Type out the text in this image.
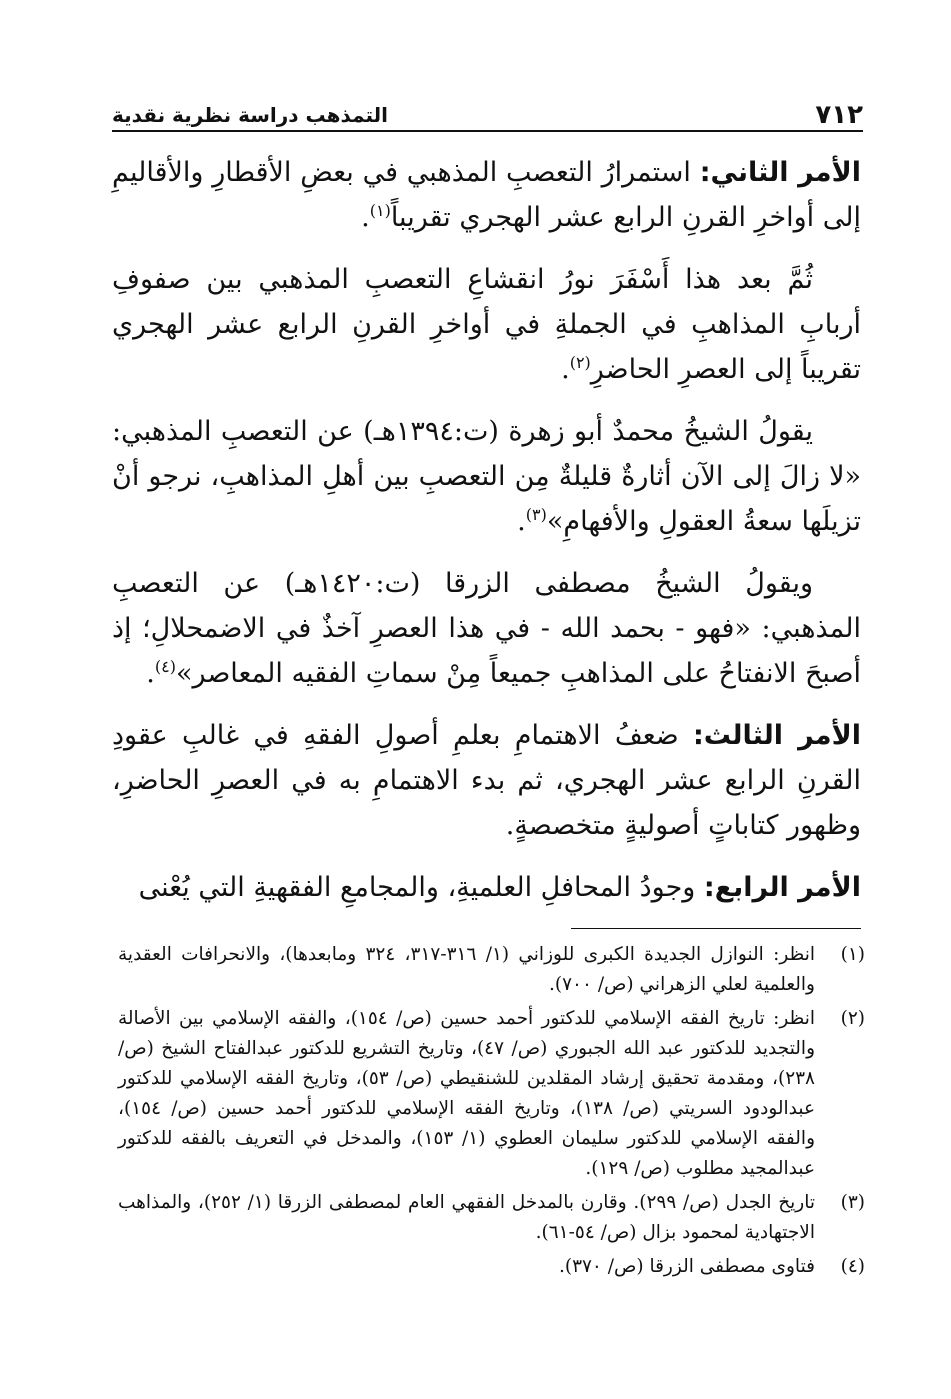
٧١٢
التمذهب دراسة نظرية نقدية

الأمر الثاني: استمرارُ التعصبِ المذهبي في بعضِ الأقطارِ والأقاليمِ إلى أواخرِ القرنِ الرابع عشر الهجري تقريباً$^{(١)}$.

ثُمَّ بعد هذا أَسْفَرَ نورُ انقشاعِ التعصبِ المذهبي بين صفوفِ أربابِ المذاهبِ في الجملةِ في أواخرِ القرنِ الرابع عشر الهجري تقريباً إلى العصرِ الحاضرِ$^{(٢)}$.

يقولُ الشيخُ محمدٌ أبو زهرة (ت:١٣٩٤هـ) عن التعصبِ المذهبي: «لا زالَ إلى الآن أثارةٌ قليلةٌ مِن التعصبِ بين أهلِ المذاهبِ، نرجو أنْ تزيلَها سعةُ العقولِ والأفهامِ»$^{(٣)}$.

ويقولُ الشيخُ مصطفى الزرقا (ت:١٤٢٠هـ) عن التعصبِ المذهبي: «فهو - بحمد الله - في هذا العصرِ آخذٌ في الاضمحلالِ؛ إذ أصبحَ الانفتاحُ على المذاهبِ جميعاً مِنْ سماتِ الفقيه المعاصر»$^{(٤)}$.

الأمر الثالث: ضعفُ الاهتمامِ بعلمِ أصولِ الفقهِ في غالبِ عقودِ القرنِ الرابع عشر الهجري، ثم بدء الاهتمامِ به في العصرِ الحاضرِ، وظهور كتاباتٍ أصوليةٍ متخصصةٍ.

الأمر الرابع: وجودُ المحافلِ العلميةِ، والمجامعِ الفقهيةِ التي يُعْنى

(١)
انظر: النوازل الجديدة الكبرى للوزاني (١/ ٣١٦-٣١٧، ٣٢٤ ومابعدها)، والانحرافات العقدية والعلمية لعلي الزهراني (ص/ ٧٠٠).
(٢)
انظر: تاريخ الفقه الإسلامي للدكتور أحمد حسين (ص/ ١٥٤)، والفقه الإسلامي بين الأصالة والتجديد للدكتور عبد الله الجبوري (ص/ ٤٧)، وتاريخ التشريع للدكتور عبدالفتاح الشيخ (ص/ ٢٣٨)، ومقدمة تحقيق إرشاد المقلدين للشنقيطي (ص/ ٥٣)، وتاريخ الفقه الإسلامي للدكتور عبدالودود السريتي (ص/ ١٣٨)، وتاريخ الفقه الإسلامي للدكتور أحمد حسين (ص/ ١٥٤)، والفقه الإسلامي للدكتور سليمان العطوي (١/ ١٥٣)، والمدخل في التعريف بالفقه للدكتور عبدالمجيد مطلوب (ص/ ١٢٩).
(٣)
تاريخ الجدل (ص/ ٢٩٩). وقارن بالمدخل الفقهي العام لمصطفى الزرقا (١/ ٢٥٢)، والمذاهب الاجتهادية لمحمود بزال (ص/ ٥٤-٦١).
(٤)
فتاوى مصطفى الزرقا (ص/ ٣٧٠).
